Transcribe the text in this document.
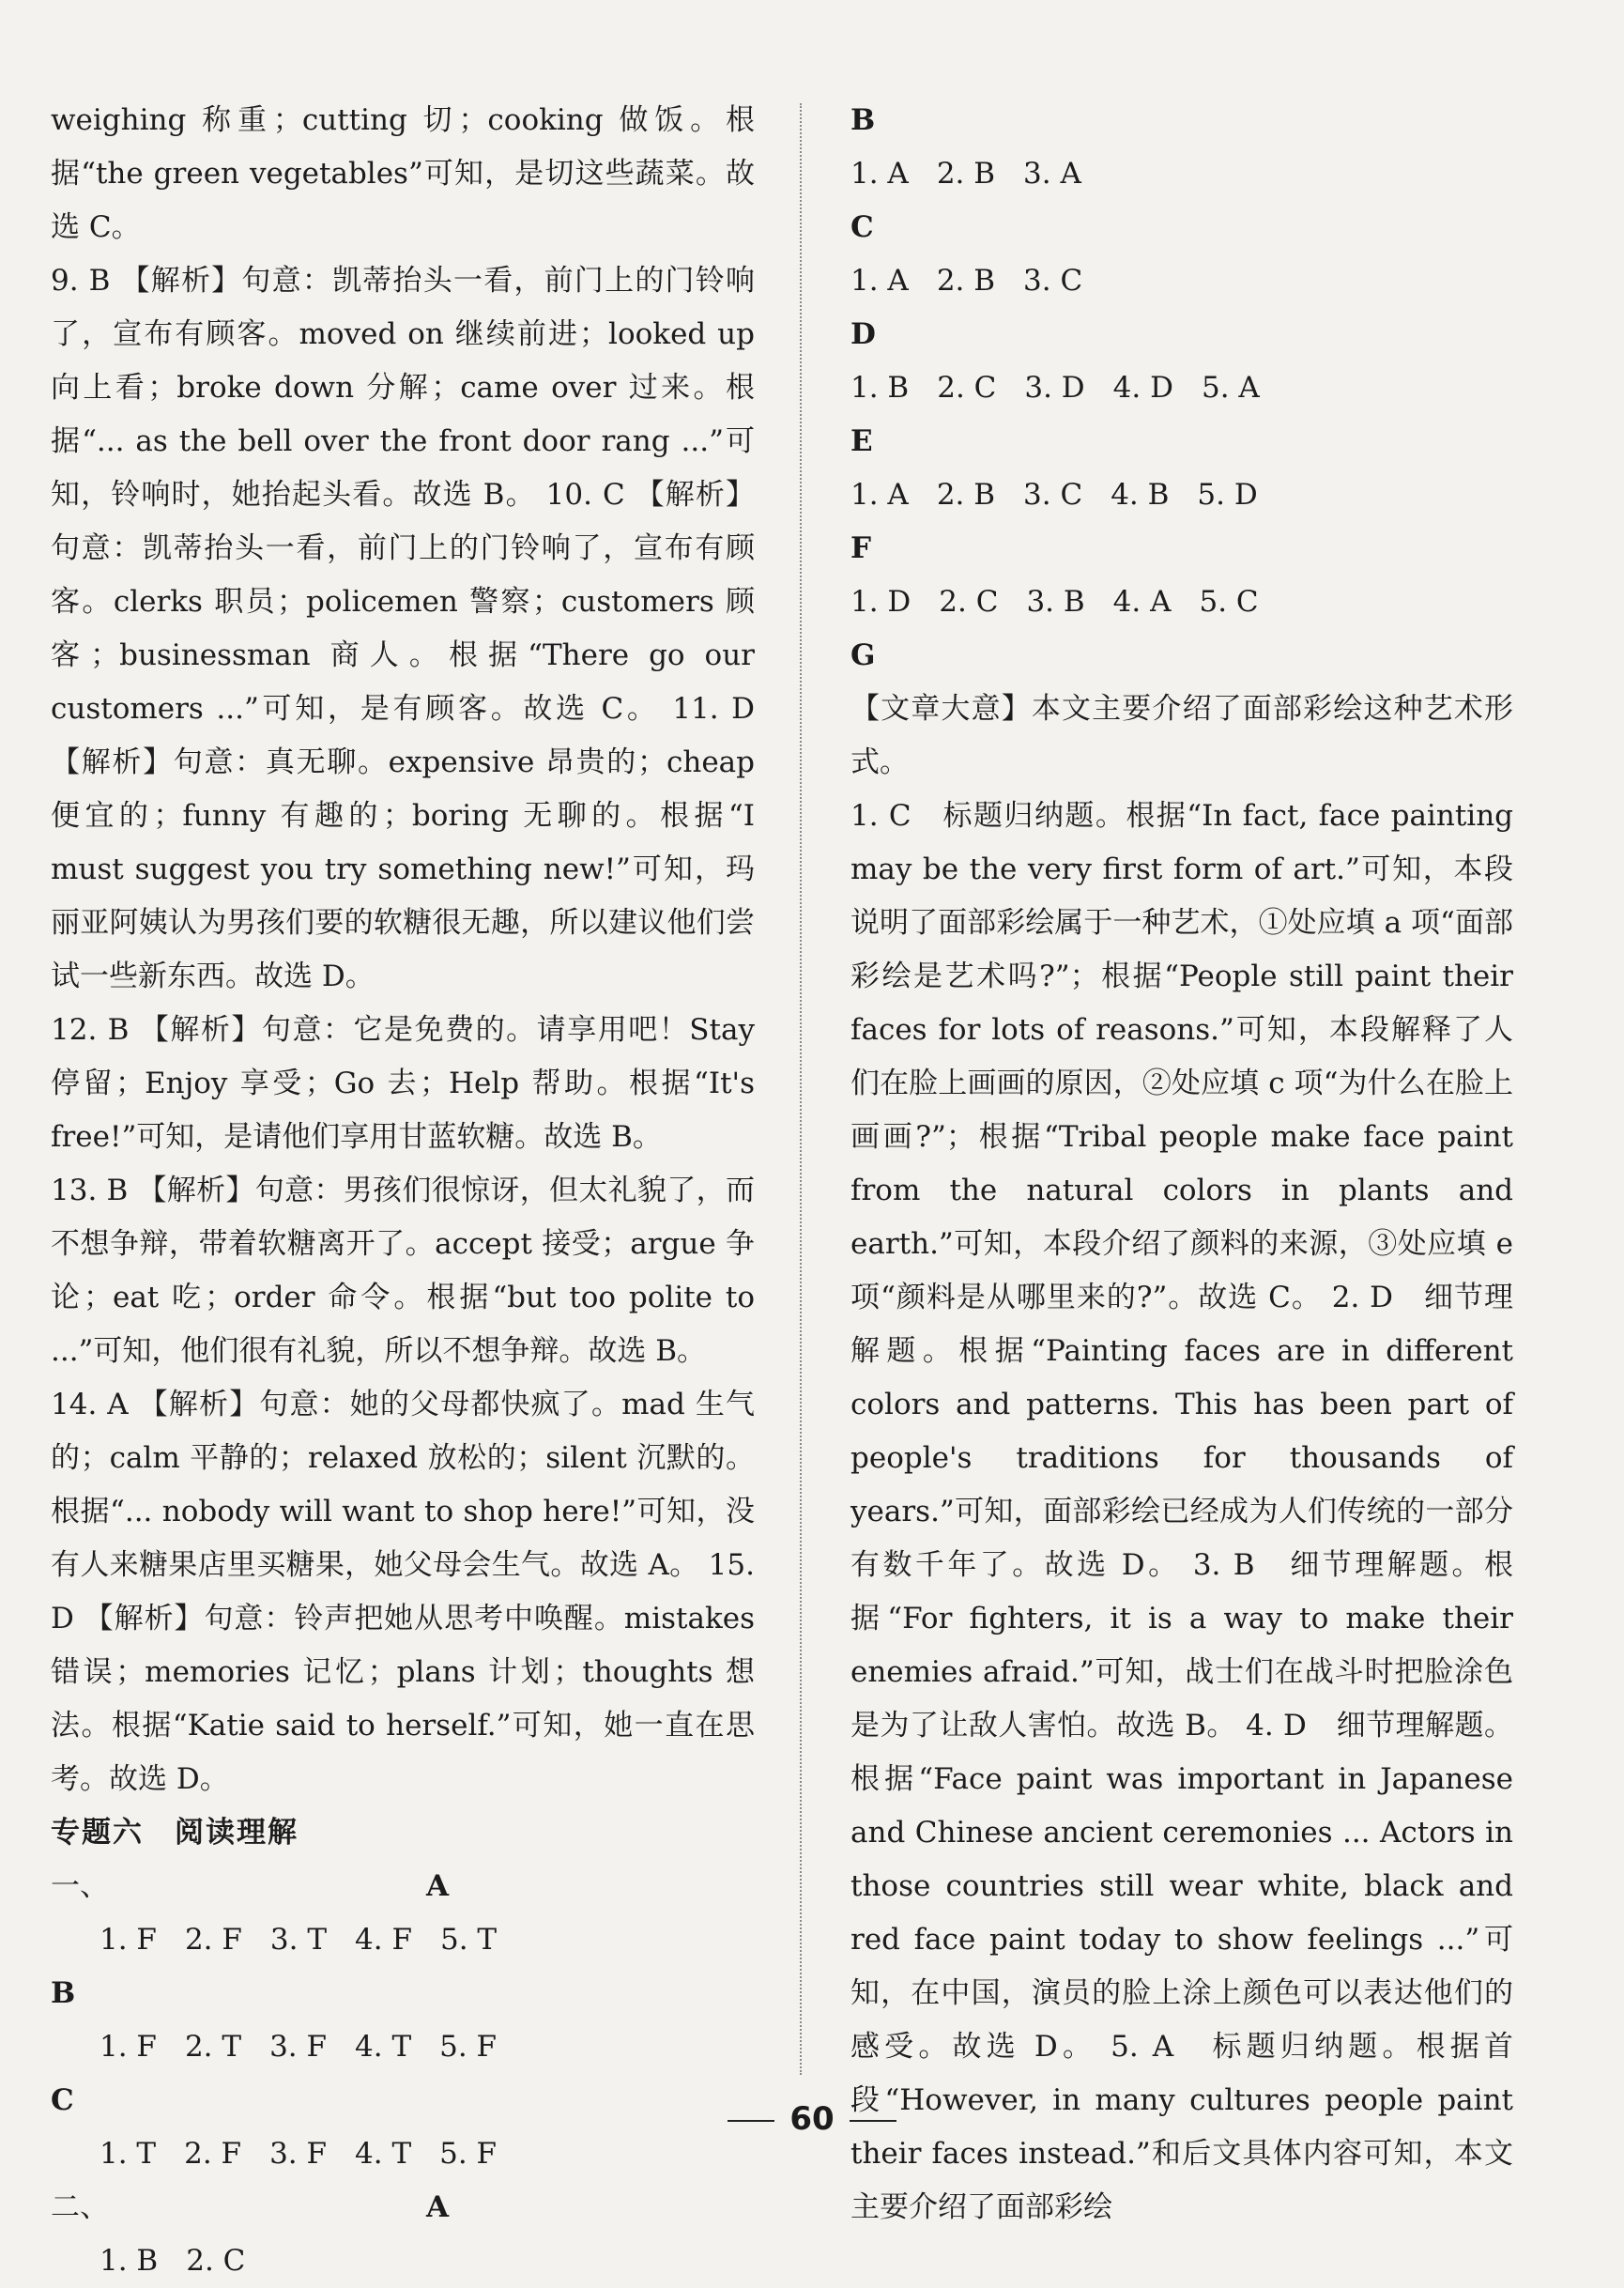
weighing 称重；cutting 切；cooking 做饭。根据“the green vegetables”可知，是切这些蔬菜。故选 C。

9. B 【解析】句意：凯蒂抬头一看，前门上的门铃响了，宣布有顾客。moved on 继续前进；looked up 向上看；broke down 分解；came over 过来。根据“... as the bell over the front door rang ...”可知，铃响时，她抬起头看。故选 B。 10. C 【解析】句意：凯蒂抬头一看，前门上的门铃响了，宣布有顾客。clerks 职员；policemen 警察；customers 顾客；businessman 商人。根据“There go our customers ...”可知，是有顾客。故选 C。 11. D 【解析】句意：真无聊。expensive 昂贵的；cheap 便宜的；funny 有趣的；boring 无聊的。根据“I must suggest you try something new!”可知，玛丽亚阿姨认为男孩们要的软糖很无趣，所以建议他们尝试一些新东西。故选 D。

12. B 【解析】句意：它是免费的。请享用吧！Stay 停留；Enjoy 享受；Go 去；Help 帮助。根据“It's free!”可知，是请他们享用甘蓝软糖。故选 B。

13. B 【解析】句意：男孩们很惊讶，但太礼貌了，而不想争辩，带着软糖离开了。accept 接受；argue 争论；eat 吃；order 命令。根据“but too polite to ...”可知，他们很有礼貌，所以不想争辩。故选 B。

14. A 【解析】句意：她的父母都快疯了。mad 生气的；calm 平静的；relaxed 放松的；silent 沉默的。根据“... nobody will want to shop here!”可知，没有人来糖果店里买糖果，她父母会生气。故选 A。 15. D 【解析】句意：铃声把她从思考中唤醒。mistakes 错误；memories 记忆；plans 计划；thoughts 想法。根据“Katie said to herself.”可知，她一直在思考。故选 D。

专题六　阅读理解

一、	A
1. F 2. F 3. T 4. F 5. T

B

1. F 2. T 3. F 4. T 5. F

C

1. T 2. F 3. F 4. T 5. F
二、	A
1. B 2. C

B

1. A 2. B 3. A

C

1. A 2. B 3. C

D

1. B 2. C 3. D 4. D 5. A

E

1. A 2. B 3. C 4. B 5. D

F

1. D 2. C 3. B 4. A 5. C

G

【文章大意】本文主要介绍了面部彩绘这种艺术形式。

1. C　标题归纳题。根据“In fact, face painting may be the very first form of art.”可知，本段说明了面部彩绘属于一种艺术，①处应填 a 项“面部彩绘是艺术吗?”；根据“People still paint their faces for lots of reasons.”可知，本段解释了人们在脸上画画的原因，②处应填 c 项“为什么在脸上画画?”；根据“Tribal people make face paint from the natural colors in plants and earth.”可知，本段介绍了颜料的来源，③处应填 e 项“颜料是从哪里来的?”。故选 C。 2. D　细节理解题。根据“Painting faces are in different colors and patterns. This has been part of people's traditions for thousands of years.”可知，面部彩绘已经成为人们传统的一部分有数千年了。故选 D。 3. B　细节理解题。根据“For fighters, it is a way to make their enemies afraid.”可知，战士们在战斗时把脸涂色是为了让敌人害怕。故选 B。 4. D　细节理解题。根据“Face paint was important in Japanese and Chinese ancient ceremonies ... Actors in those countries still wear white, black and red face paint today to show feelings ...”可知，在中国，演员的脸上涂上颜色可以表达他们的感受。故选 D。 5. A　标题归纳题。根据首段“However, in many cultures people paint their faces instead.”和后文具体内容可知，本文主要介绍了面部彩绘

60
